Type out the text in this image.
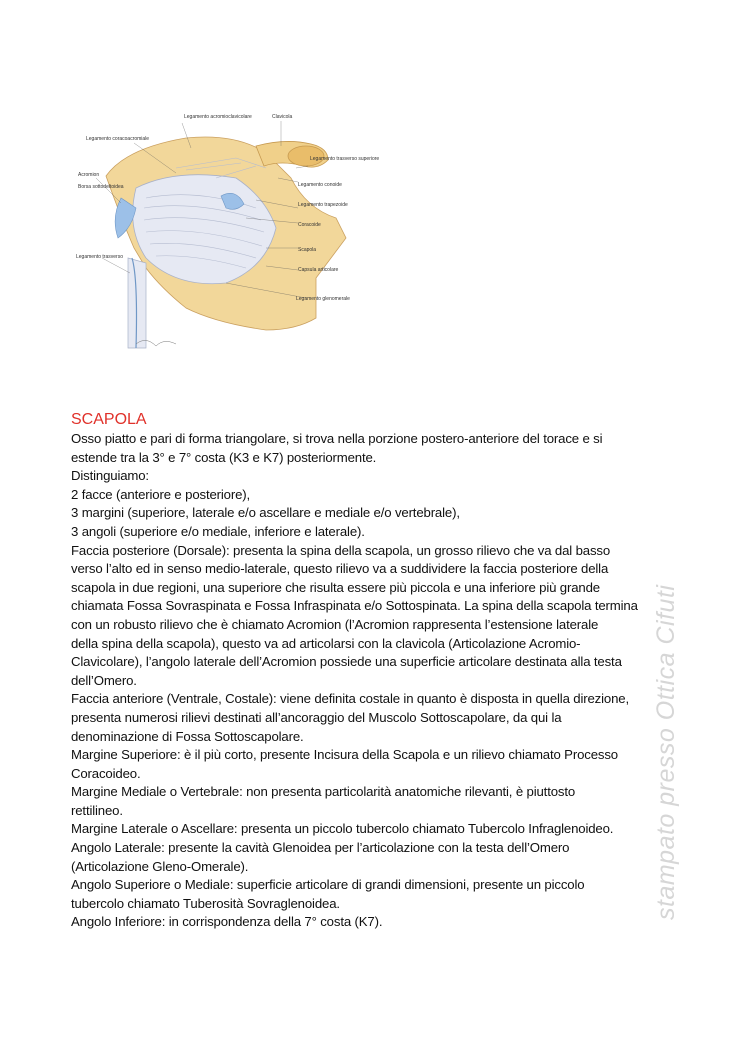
Legamento acromioclavicolare	Clavicola
Legamento coracoacromiale
Legamento trasverso superiore
Acromion
Borsa sottodeltoidea	Legamento conoide
Legamento trapezoide
Coracoide
Legamento trasverso
Scapola
Capsula articolare
Legamento glenomerale
SCAPOLA
Osso piatto e pari di forma triangolare, si trova nella porzione postero-anteriore del torace e si
estende tra la 3° e 7° costa (K3 e K7) posteriormente.
Distinguiamo:
2 facce (anteriore e posteriore),
3 margini (superiore, laterale e/o ascellare e mediale e/o vertebrale),
3 angoli (superiore e/o mediale, inferiore e laterale).
Faccia posteriore (Dorsale): presenta la spina della scapola, un grosso rilievo che va dal basso
verso l’alto ed in senso medio-laterale, questo rilievo va a suddividere la faccia posteriore della
scapola in due regioni, una superiore che risulta essere più piccola e una inferiore più grande
chiamata Fossa Sovraspinata e Fossa Infraspinata e/o Sottospinata. La spina della scapola termina
con un robusto rilievo che è chiamato Acromion (l’Acromion rappresenta l’estensione laterale
della spina della scapola), questo va ad articolarsi con la clavicola (Articolazione Acromio-
Clavicolare), l’angolo laterale dell’Acromion possiede una superficie articolare destinata alla testa
dell’Omero.
Faccia anteriore (Ventrale, Costale): viene definita costale in quanto è disposta in quella direzione,
presenta numerosi rilievi destinati all’ancoraggio del Muscolo Sottoscapolare, da qui la
denominazione di Fossa Sottoscapolare.
Margine Superiore: è il più corto, presente Incisura della Scapola e un rilievo chiamato Processo
Coracoideo.
Margine Mediale o Vertebrale: non presenta particolarità anatomiche rilevanti, è piuttosto
rettilineo.
Margine Laterale o Ascellare: presenta un piccolo tubercolo chiamato Tubercolo Infraglenoideo.
Angolo Laterale: presente la cavità Glenoidea per l’articolazione con la testa dell’Omero
(Articolazione Gleno-Omerale).
Angolo Superiore o Mediale: superficie articolare di grandi dimensioni, presente un piccolo
tubercolo chiamato Tuberosità Sovraglenoidea.
Angolo Inferiore: in corrispondenza della 7° costa (K7).
stampato presso Ottica Cifuti
